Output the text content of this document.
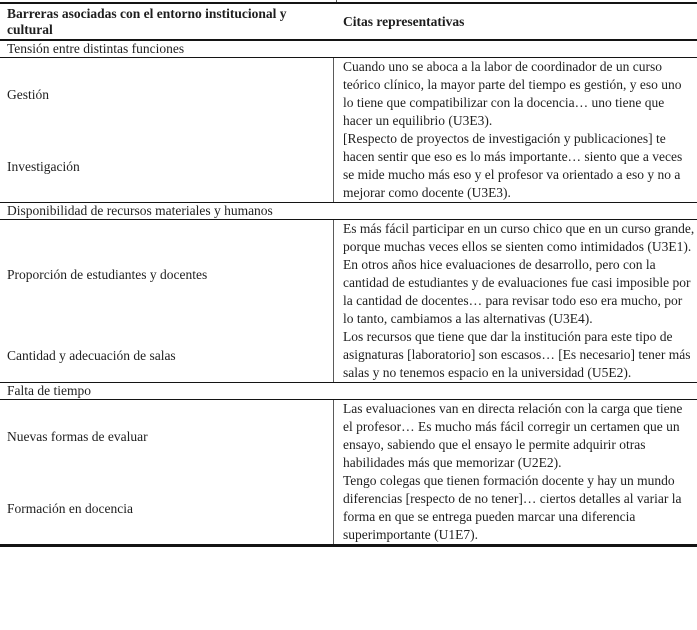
Barreras asociadas con el entorno institucional y cultural
Citas representativas
Tensión entre distintas funciones
Gestión

Cuando uno se aboca a la labor de coordinador de un curso teórico clínico, la mayor parte del tiempo es gestión, y eso uno lo tiene que compatibilizar con la docencia… uno tiene que hacer un equilibrio (U3E3).

Investigación

[Respecto de proyectos de investigación y publicaciones] te hacen sentir que eso es lo más importante… siento que a veces se mide mucho más eso y el profesor va orientado a eso y no a mejorar como docente (U3E3).

Disponibilidad de recursos materiales y humanos
Proporción de estudiantes y docentes

Es más fácil participar en un curso chico que en un curso grande, porque muchas veces ellos se sienten como intimidados (U3E1).

En otros años hice evaluaciones de desarrollo, pero con la cantidad de estudiantes y de evaluaciones fue casi imposible por la cantidad de docentes… para revisar todo eso era mucho, por lo tanto, cambiamos a las alternativas (U3E4).

Cantidad y adecuación de salas

Los recursos que tiene que dar la institución para este tipo de asignaturas [laboratorio] son escasos… [Es necesario] tener más salas y no tenemos espacio en la universidad (U5E2).

Falta de tiempo
Nuevas formas de evaluar

Las evaluaciones van en directa relación con la carga que tiene el profesor… Es mucho más fácil corregir un certamen que un ensayo, sabiendo que el ensayo le permite adquirir otras habilidades más que memorizar (U2E2).

Formación en docencia

Tengo colegas que tienen formación docente y hay un mundo diferencias [respecto de no tener]… ciertos detalles al variar la forma en que se entrega pueden marcar una diferencia superimportante (U1E7).
